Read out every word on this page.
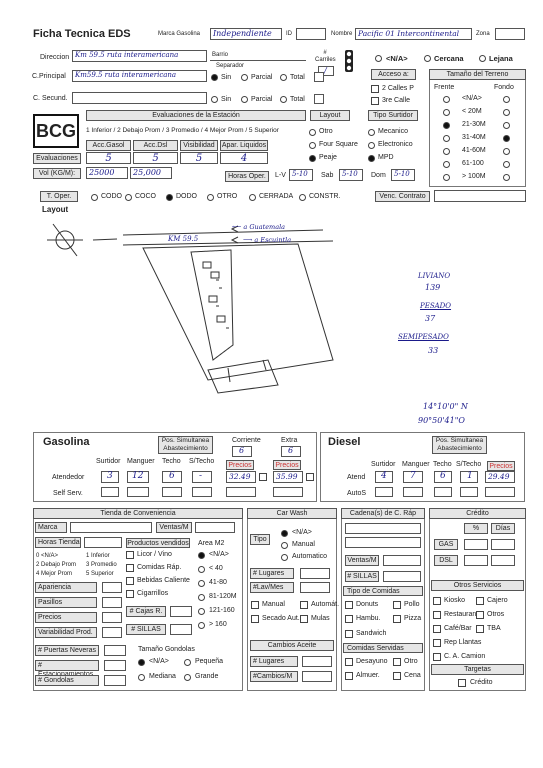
Ficha Tecnica EDS	Marca Gasolina Independiente ID	Nombre Pacific 01 Intercontinental	Zona
Direccion Km 59.5 ruta interamericana	Barrio
Separador
# Carriles
/
C.Principal Km59.5 ruta interamericana	Sin	Parcial	Total
C. Secund.	Sin	Parcial	Total
<N/A>	Cercana	Lejana
Acceso a:
2 Calles P
3re Calle
Tamaño del Terreno
Frente	Fondo
<N/A>
< 20M
21-30M
31-40M
41-60M
61-100
> 100M
BCG
Evaluaciones de la Estación
1 Inferior / 2 Debajo Prom / 3 Promedio / 4 Mejor Prom / 5 Superior
Acc.Gasol	Acc.Dsl	Visibilidad	Apar. Liquidos
Evaluaciones	5	5	5	4
Vol (KG/M):	25000 25,000
Layout	Tipo Surtidor
Otro	Mecanico
Four Square	Electronico
Peaje	MPD
Horas Oper.	L-V 5-10 Sab 5-10 Dom 5-10
T. Oper.	CODO COCO	DODO	OTRO	CERRADA CONSTR.	Venc. Contrato
Layout
⟵ a Guatemala
⟶ a Escuintla
KM 59.5
LIVIANO
139
PESADO
37
SEMIPESADO
33
14°10'0" N
90°50'41"O
Gasolina	Pos. Simultanea Abastecimiento
Corriente	Extra
6	6
Surtidor Manguer Techo S/Techo
Precios	Precios
Atendedor	3 12	6	-	32.49	35.99
Self Serv.
Diesel	Pos. Simultanea Abastecimiento
Surtidor Manguer Techo S/Techo	Precios
Atend 4	7	6 1 29.49
AutoS
Tienda de Conveniencia
Marca	Ventas/M
Horas Tienda
0 <N/A>	1 Inferior
2 Debajo Prom 3 Promedio
4 Mejor Prom 5 Superior
Productos vendidos Area M2
Licor / Vino
Comidas Ráp.
Bebidas Caliente
Cigarrillos
<N/A>
< 40
41-80
81-120M
121-160
> 160
Apariencia
Pasillos
Precios
Variabilidad Prod.
# Cajas R.
# SILLAS
# Puertas Neveras
#
# Gondolas
Tamaño Gondolas
<N/A>	Pequeña
Mediana	Grande
Car Wash
Tipo
<N/A>
Manual
Automatico
# Lugares
#Lav/Mes
Manual	Automát.
Secado Aut. Mulas
Cambios Aceite
# Lugares
#Cambios/M
Cadena(s) de C. Ráp
Ventas/M
# SILLAS
Tipo de Comidas
Donuts	Pollo
Hambu.	Pizza
Sandwich
Comidas Servidas
Desayuno Otro
Almuer.	Cena
Crédito
%	Días
GAS
DSL
Otros Servicios
Kiosko	Cajero
Restauran Otros
Café/Bar TBA
Rep Llantas
C. A. Camion
Targetas
Crédito
